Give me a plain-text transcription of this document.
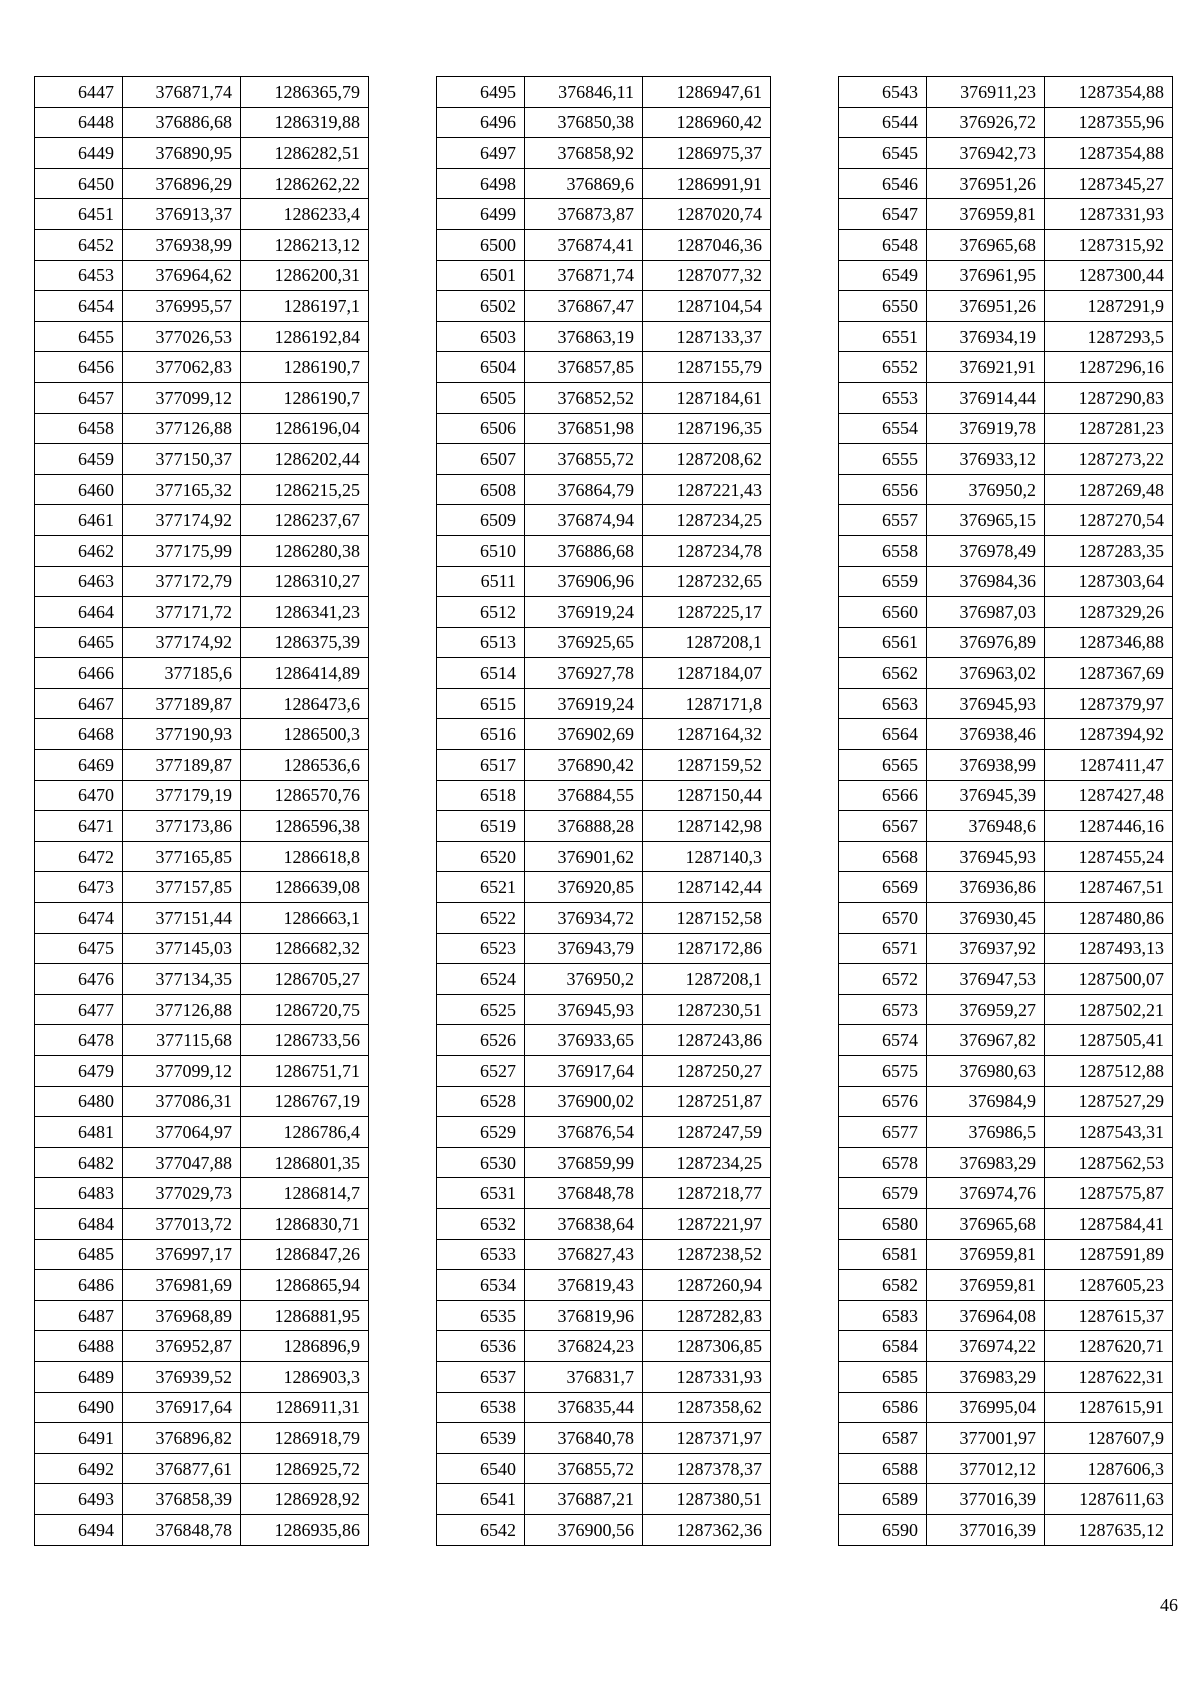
6447	376871,74	1286365,79
6448	376886,68	1286319,88
6449	376890,95	1286282,51
6450	376896,29	1286262,22
6451	376913,37	1286233,4
6452	376938,99	1286213,12
6453	376964,62	1286200,31
6454	376995,57	1286197,1
6455	377026,53	1286192,84
6456	377062,83	1286190,7
6457	377099,12	1286190,7
6458	377126,88	1286196,04
6459	377150,37	1286202,44
6460	377165,32	1286215,25
6461	377174,92	1286237,67
6462	377175,99	1286280,38
6463	377172,79	1286310,27
6464	377171,72	1286341,23
6465	377174,92	1286375,39
6466	377185,6	1286414,89
6467	377189,87	1286473,6
6468	377190,93	1286500,3
6469	377189,87	1286536,6
6470	377179,19	1286570,76
6471	377173,86	1286596,38
6472	377165,85	1286618,8
6473	377157,85	1286639,08
6474	377151,44	1286663,1
6475	377145,03	1286682,32
6476	377134,35	1286705,27
6477	377126,88	1286720,75
6478	377115,68	1286733,56
6479	377099,12	1286751,71
6480	377086,31	1286767,19
6481	377064,97	1286786,4
6482	377047,88	1286801,35
6483	377029,73	1286814,7
6484	377013,72	1286830,71
6485	376997,17	1286847,26
6486	376981,69	1286865,94
6487	376968,89	1286881,95
6488	376952,87	1286896,9
6489	376939,52	1286903,3
6490	376917,64	1286911,31
6491	376896,82	1286918,79
6492	376877,61	1286925,72
6493	376858,39	1286928,92
6494	376848,78	1286935,86
6495	376846,11	1286947,61
6496	376850,38	1286960,42
6497	376858,92	1286975,37
6498	376869,6	1286991,91
6499	376873,87	1287020,74
6500	376874,41	1287046,36
6501	376871,74	1287077,32
6502	376867,47	1287104,54
6503	376863,19	1287133,37
6504	376857,85	1287155,79
6505	376852,52	1287184,61
6506	376851,98	1287196,35
6507	376855,72	1287208,62
6508	376864,79	1287221,43
6509	376874,94	1287234,25
6510	376886,68	1287234,78
6511	376906,96	1287232,65
6512	376919,24	1287225,17
6513	376925,65	1287208,1
6514	376927,78	1287184,07
6515	376919,24	1287171,8
6516	376902,69	1287164,32
6517	376890,42	1287159,52
6518	376884,55	1287150,44
6519	376888,28	1287142,98
6520	376901,62	1287140,3
6521	376920,85	1287142,44
6522	376934,72	1287152,58
6523	376943,79	1287172,86
6524	376950,2	1287208,1
6525	376945,93	1287230,51
6526	376933,65	1287243,86
6527	376917,64	1287250,27
6528	376900,02	1287251,87
6529	376876,54	1287247,59
6530	376859,99	1287234,25
6531	376848,78	1287218,77
6532	376838,64	1287221,97
6533	376827,43	1287238,52
6534	376819,43	1287260,94
6535	376819,96	1287282,83
6536	376824,23	1287306,85
6537	376831,7	1287331,93
6538	376835,44	1287358,62
6539	376840,78	1287371,97
6540	376855,72	1287378,37
6541	376887,21	1287380,51
6542	376900,56	1287362,36
6543	376911,23	1287354,88
6544	376926,72	1287355,96
6545	376942,73	1287354,88
6546	376951,26	1287345,27
6547	376959,81	1287331,93
6548	376965,68	1287315,92
6549	376961,95	1287300,44
6550	376951,26	1287291,9
6551	376934,19	1287293,5
6552	376921,91	1287296,16
6553	376914,44	1287290,83
6554	376919,78	1287281,23
6555	376933,12	1287273,22
6556	376950,2	1287269,48
6557	376965,15	1287270,54
6558	376978,49	1287283,35
6559	376984,36	1287303,64
6560	376987,03	1287329,26
6561	376976,89	1287346,88
6562	376963,02	1287367,69
6563	376945,93	1287379,97
6564	376938,46	1287394,92
6565	376938,99	1287411,47
6566	376945,39	1287427,48
6567	376948,6	1287446,16
6568	376945,93	1287455,24
6569	376936,86	1287467,51
6570	376930,45	1287480,86
6571	376937,92	1287493,13
6572	376947,53	1287500,07
6573	376959,27	1287502,21
6574	376967,82	1287505,41
6575	376980,63	1287512,88
6576	376984,9	1287527,29
6577	376986,5	1287543,31
6578	376983,29	1287562,53
6579	376974,76	1287575,87
6580	376965,68	1287584,41
6581	376959,81	1287591,89
6582	376959,81	1287605,23
6583	376964,08	1287615,37
6584	376974,22	1287620,71
6585	376983,29	1287622,31
6586	376995,04	1287615,91
6587	377001,97	1287607,9
6588	377012,12	1287606,3
6589	377016,39	1287611,63
6590	377016,39	1287635,12
46
